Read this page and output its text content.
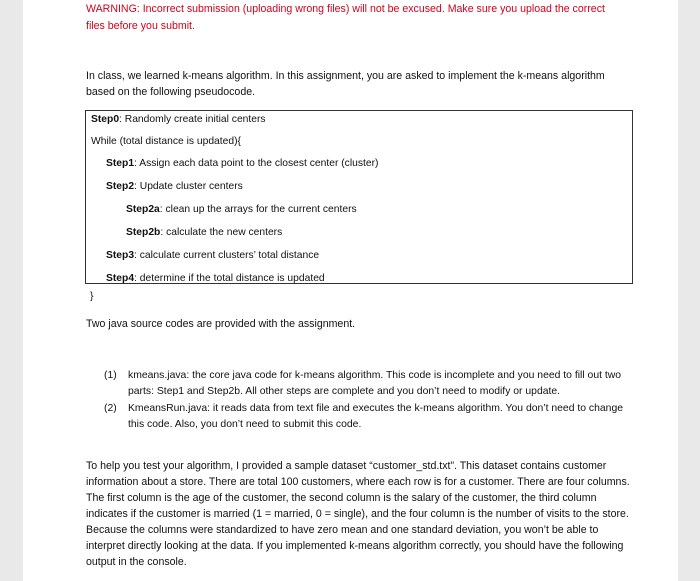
WARNING: Incorrect submission (uploading wrong files) will not be excused. Make sure you upload the correct files before you submit.
In class, we learned k-means algorithm. In this assignment, you are asked to implement the k-means algorithm based on the following pseudocode.
Step0: Randomly create initial centers
While (total distance is updated){
Step1: Assign each data point to the closest center (cluster)
Step2: Update cluster centers
Step2a: clean up the arrays for the current centers
Step2b: calculate the new centers
Step3: calculate current clusters’ total distance
Step4: determine if the total distance is updated
}
Two java source codes are provided with the assignment.
(1) kmeans.java: the core java code for k-means algorithm. This code is incomplete and you need to fill out two parts: Step1 and Step2b. All other steps are complete and you don’t need to modify or update.
(2) KmeansRun.java: it reads data from text file and executes the k-means algorithm. You don’t need to change this code. Also, you don’t need to submit this code.
To help you test your algorithm, I provided a sample dataset “customer_std.txt”. This dataset contains customer information about a store. There are total 100 customers, where each row is for a customer. There are four columns. The first column is the age of the customer, the second column is the salary of the customer, the third column indicates if the customer is married (1 = married, 0 = single), and the four column is the number of visits to the store. Because the columns were standardized to have zero mean and one standard deviation, you won’t be able to interpret directly looking at the data. If you implemented k-means algorithm correctly, you should have the following output in the console.
